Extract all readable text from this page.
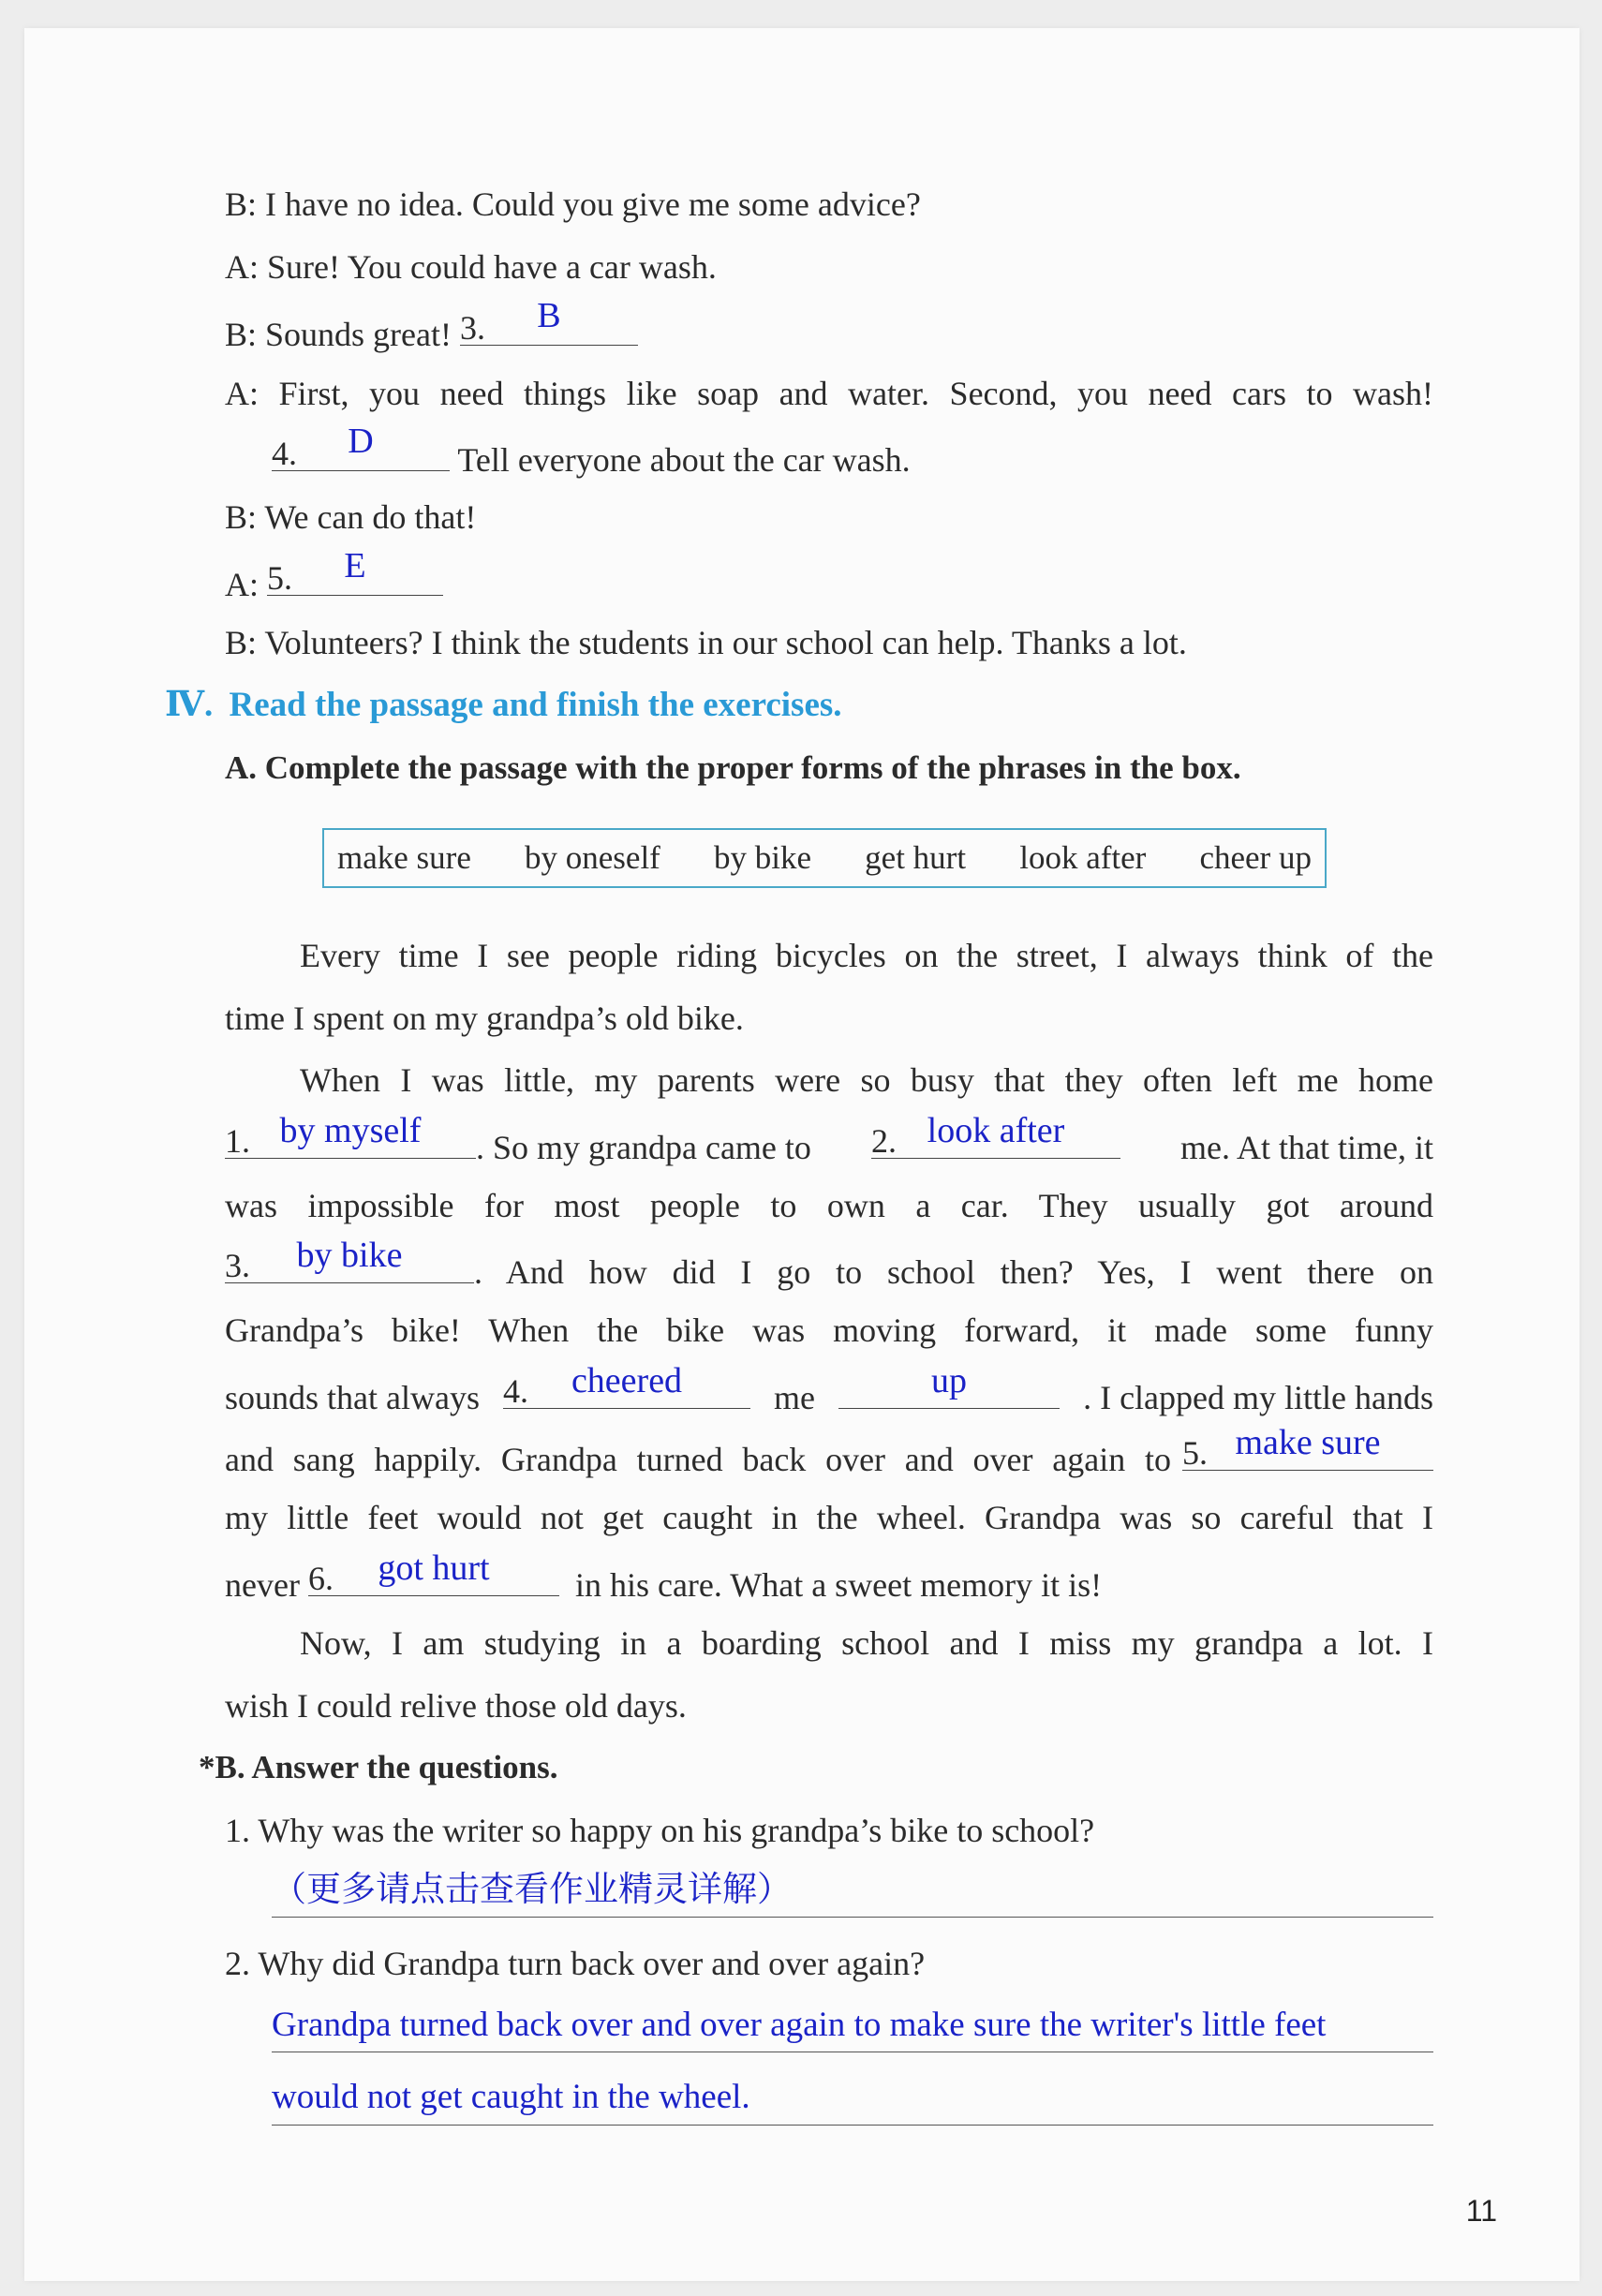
B: I have no idea. Could you give me some advice?
A: Sure! You could have a car wash.
B: Sounds great! 3.	B
A: First, you need things like soap and water. Second, you need cars to wash!
4.	D	Tell everyone about the car wash.
B: We can do that!
A: 5.	E
B: Volunteers? I think the students in our school can help. Thanks a lot.
Ⅳ. Read the passage and finish the exercises.
A. Complete the passage with the proper forms of the phrases in the box.
make sure by oneself by bike get hurt look after cheer up
Every time I see people riding bicycles on the street, I always think of the
time I spent on my grandpa’s old bike.
When I was little, my parents were so busy that they often left me home
1. by myself	. So my grandpa came to 2. look after	me. At that time, it
was impossible for most people to own a car. They usually got around
3.	by bike	. And how did I go to school then? Yes, I went there on
Grandpa’s bike! When the bike was moving forward, it made some funny
sounds that always 4.	cheered	me	up	. I clapped my little hands
and sang happily. Grandpa turned back over and over again to 5. make sure
my little feet would not get caught in the wheel. Grandpa was so careful that I
never 6.	got hurt	in his care. What a sweet memory it is!
Now, I am studying in a boarding school and I miss my grandpa a lot. I
wish I could relive those old days.
*B. Answer the questions.
1. Why was the writer so happy on his grandpa’s bike to school?
（更多请点击查看作业精灵详解）
2. Why did Grandpa turn back over and over again?
Grandpa turned back over and over again to make sure the writer's little feet
would not get caught in the wheel.
11
